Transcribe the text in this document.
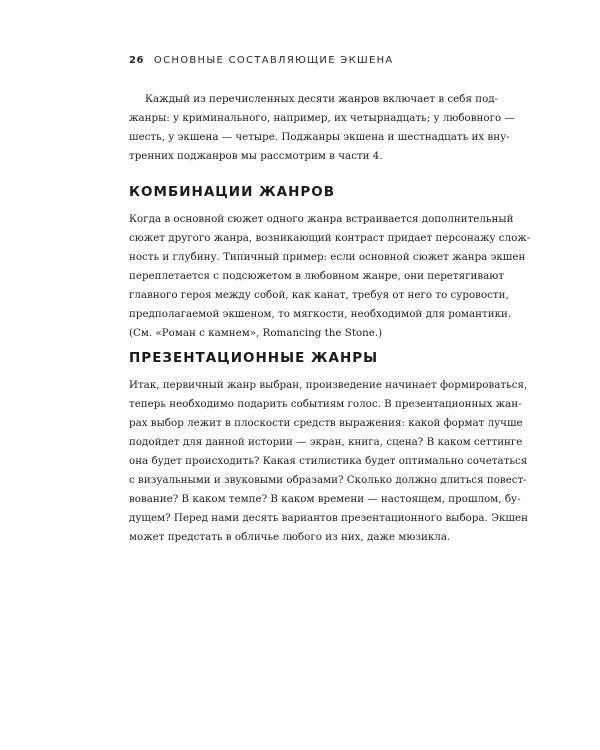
26 ОСНОВНЫЕ СОСТАВЛЯЮЩИЕ ЭКШЕНА
Каждый из перечисленных десяти жанров включает в себя под-
жанры: у криминального, например, их четырнадцать; у любовного —
шесть, у экшена — четыре. Поджанры экшена и шестнадцать их вну-
тренних поджанров мы рассмотрим в части 4.
КОМБИНАЦИИ ЖАНРОВ
Когда в основной сюжет одного жанра встраивается дополнительный
сюжет другого жанра, возникающий контраст придает персонажу слож-
ность и глубину. Типичный пример: если основной сюжет жанра экшен
переплетается с подсюжетом в любовном жанре, они перетягивают
главного героя между собой, как канат, требуя от него то суровости,
предполагаемой экшеном, то мягкости, необходимой для романтики.
(См. «Роман с камнем», Romancing the Stone.)
ПРЕЗЕНТАЦИОННЫЕ ЖАНРЫ
Итак, первичный жанр выбран, произведение начинает формироваться,
теперь необходимо подарить событиям голос. В презентационных жан-
рах выбор лежит в плоскости средств выражения: какой формат лучше
подойдет для данной истории — экран, книга, сцена? В каком сеттинге
она будет происходить? Какая стилистика будет оптимально сочетаться
с визуальными и звуковыми образами? Сколько должно длиться повест-
вование? В каком темпе? В каком времени — настоящем, прошлом, бу-
дущем? Перед нами десять вариантов презентационного выбора. Экшен
может предстать в обличье любого из них, даже мюзикла.
